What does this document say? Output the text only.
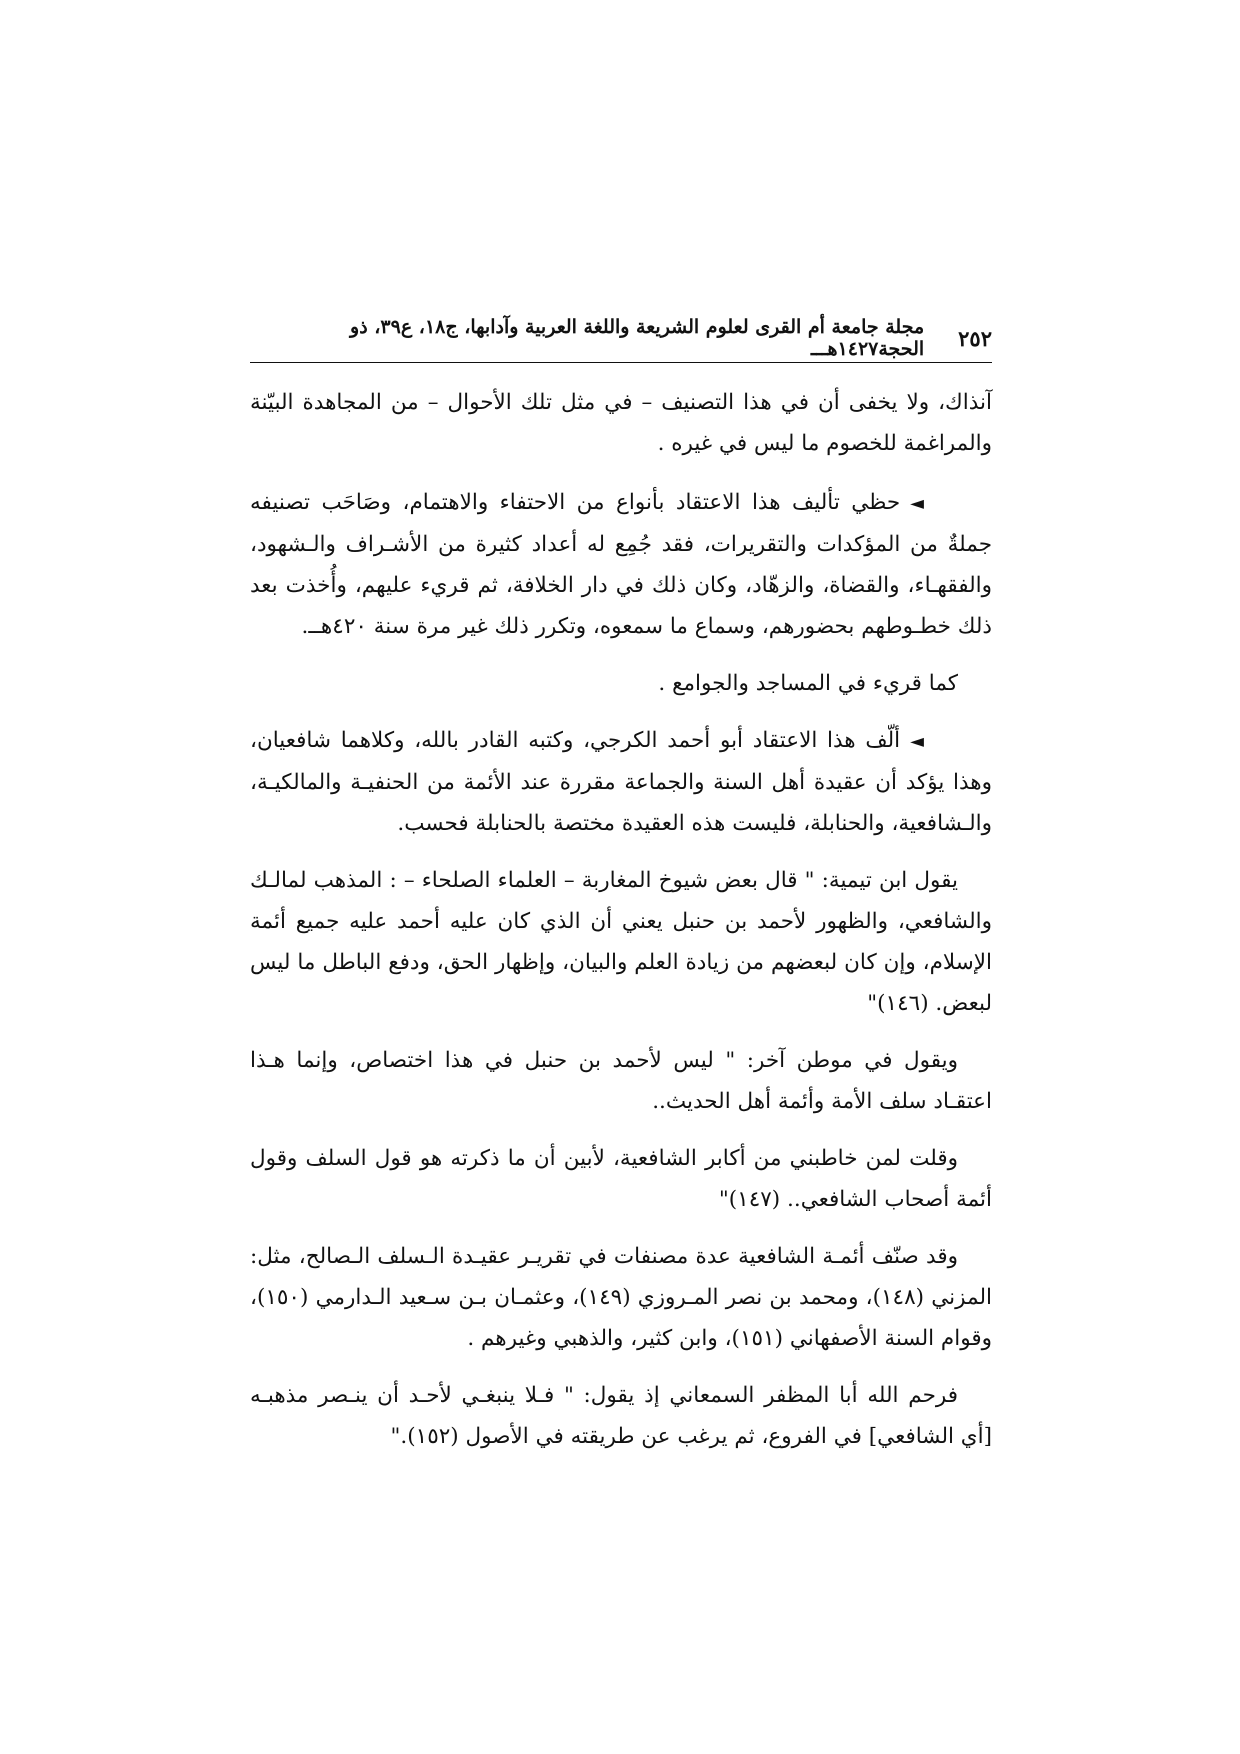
٢٥٢
مجلة جامعة أم القرى لعلوم الشريعة واللغة العربية وآدابها، ج١٨، ع٣٩، ذو الحجة١٤٢٧هـــ

آنذاك، ولا يخفى أن في هذا التصنيف – في مثل تلك الأحوال – من المجاهدة البيّنة والمراغمة للخصوم ما ليس في غيره .

◄حظي تأليف هذا الاعتقاد بأنواع من الاحتفاء والاهتمام، وصَاحَب تصنيفه جملةٌ من المؤكدات والتقريرات، فقد جُمِع له أعداد كثيرة من الأشـراف والـشهود، والفقهـاء، والقضاة، والزهّاد، وكان ذلك في دار الخلافة، ثم قريء عليهم، وأُخذت بعد ذلك خطـوطهم بحضورهم، وسماع ما سمعوه، وتكرر ذلك غير مرة سنة ٤٢٠هــ.

كما قريء في المساجد والجوامع .

◄ألّف هذا الاعتقاد أبو أحمد الكرجي، وكتبه القادر بالله، وكلاهما شافعيان، وهذا يؤكد أن عقيدة أهل السنة والجماعة مقررة عند الأئمة من الحنفيـة والمالكيـة، والـشافعية، والحنابلة، فليست هذه العقيدة مختصة بالحنابلة فحسب.

يقول ابن تيمية: " قال بعض شيوخ المغاربة – العلماء الصلحاء – : المذهب لمالـك والشافعي، والظهور لأحمد بن حنبل يعني أن الذي كان عليه أحمد عليه جميع أئمة الإسلام، وإن كان لبعضهم من زيادة العلم والبيان، وإظهار الحق، ودفع الباطل ما ليس لبعض. (١٤٦)"

ويقول في موطن آخر: " ليس لأحمد بن حنبل في هذا اختصاص، وإنما هـذا اعتقـاد سلف الأمة وأئمة أهل الحديث..

وقلت لمن خاطبني من أكابر الشافعية، لأبين أن ما ذكرته هو قول السلف وقول أئمة أصحاب الشافعي.. (١٤٧)"

وقد صنّف أئمـة الشافعية عدة مصنفات في تقريـر عقيـدة الـسلف الـصالح، مثل: المزني (١٤٨)، ومحمد بن نصر المـروزي (١٤٩)، وعثمـان بـن سـعيد الـدارمي (١٥٠)، وقوام السنة الأصفهاني (١٥١)، وابن كثير، والذهبي وغيرهم .

فرحم الله أبا المظفر السمعاني إذ يقول: " فـلا ينبغـي لأحـد أن ينـصر مذهبـه [أي الشافعي] في الفروع، ثم يرغب عن طريقته في الأصول (١٥٢)."
